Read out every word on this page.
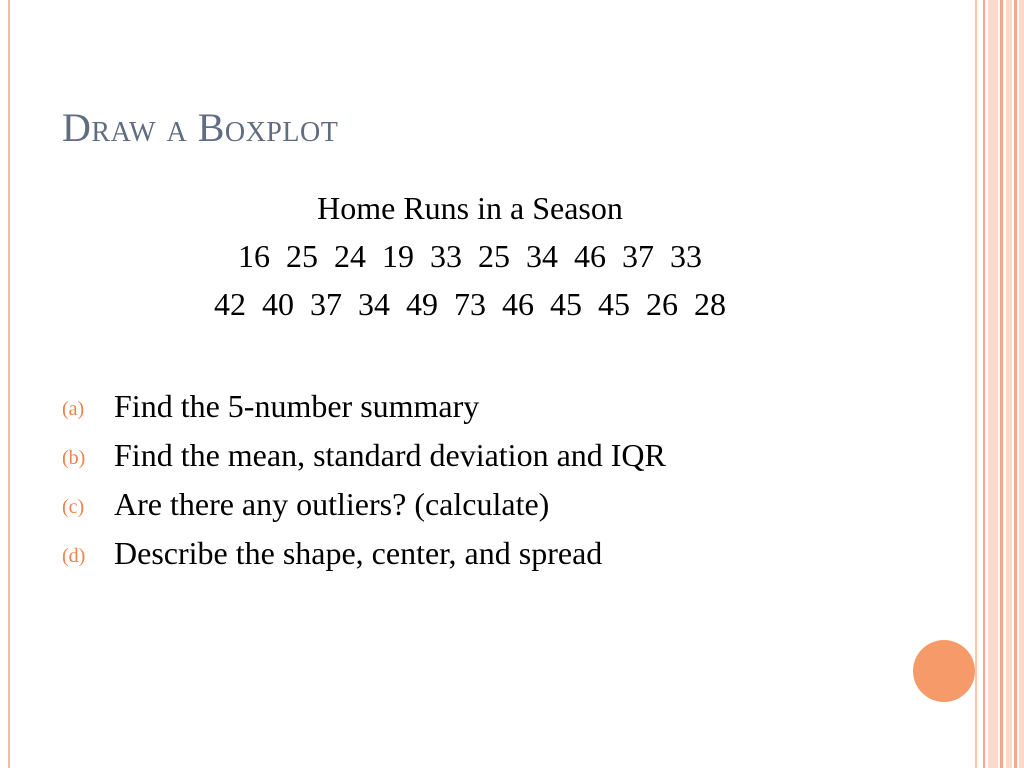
Draw a Boxplot
Home Runs in a Season
16  25  24  19  33  25  34  46  37  33
42  40  37  34  49  73  46  45  45  26  28
(a) Find the 5-number summary
(b) Find the mean, standard deviation and IQR
(c) Are there any outliers? (calculate)
(d) Describe the shape, center, and spread
